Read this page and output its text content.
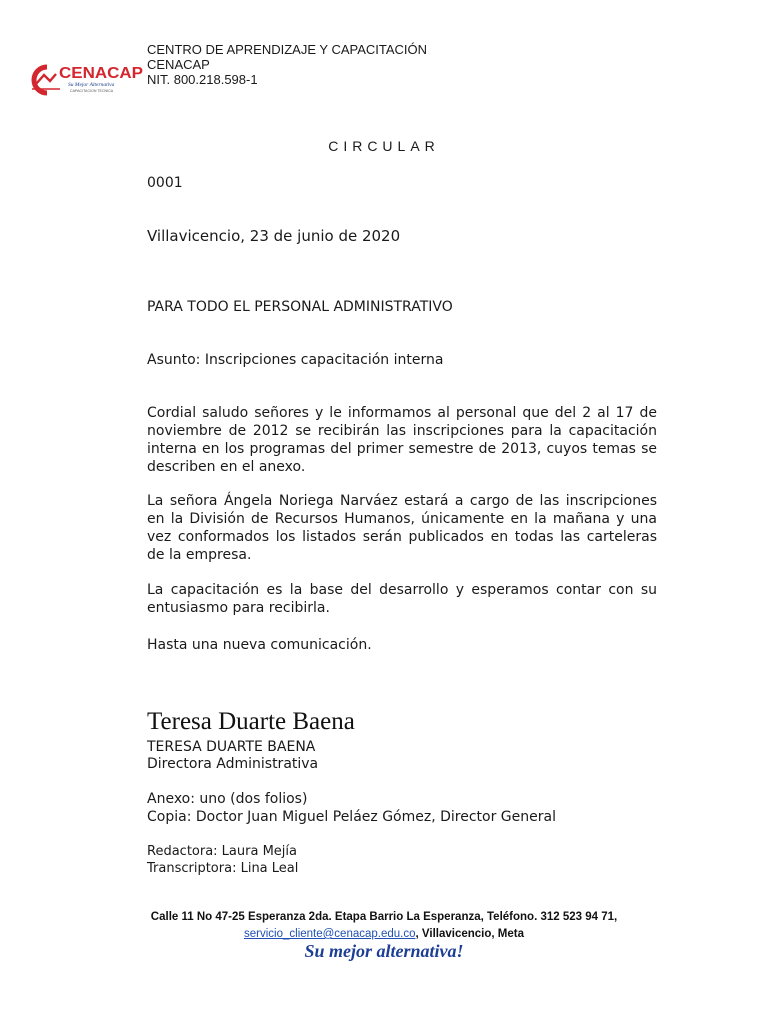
CENACAP
Su Mejor Alternativa
CAPACITACION TECNICA
CENTRO DE APRENDIZAJE Y CAPACITACIÓN
CENACAP
NIT. 800.218.598-1
CIRCULAR
0001
Villavicencio, 23 de junio de 2020
PARA TODO EL PERSONAL ADMINISTRATIVO
Asunto: Inscripciones capacitación interna
Cordial saludo señores y le informamos al personal que del 2 al 17 de noviembre de 2012 se recibirán las inscripciones para la capacitación interna en los programas del primer semestre de 2013, cuyos temas se describen en el anexo.
La señora Ángela Noriega Narváez estará a cargo de las inscripciones en la División de Recursos Humanos, únicamente en la mañana y una vez conformados los listados serán publicados en todas las carteleras de la empresa.
La capacitación es la base del desarrollo y esperamos contar con su entusiasmo para recibirla.
Hasta una nueva comunicación.
Teresa Duarte Baena
TERESA DUARTE BAENA
Directora Administrativa
Anexo: uno (dos folios)
Copia: Doctor Juan Miguel Peláez Gómez, Director General
Redactora: Laura Mejía
Transcriptora: Lina Leal
Calle 11 No 47-25 Esperanza 2da. Etapa Barrio La Esperanza, Teléfono. 312 523 94 71,
servicio_cliente@cenacap.edu.co, Villavicencio, Meta
Su mejor alternativa!
